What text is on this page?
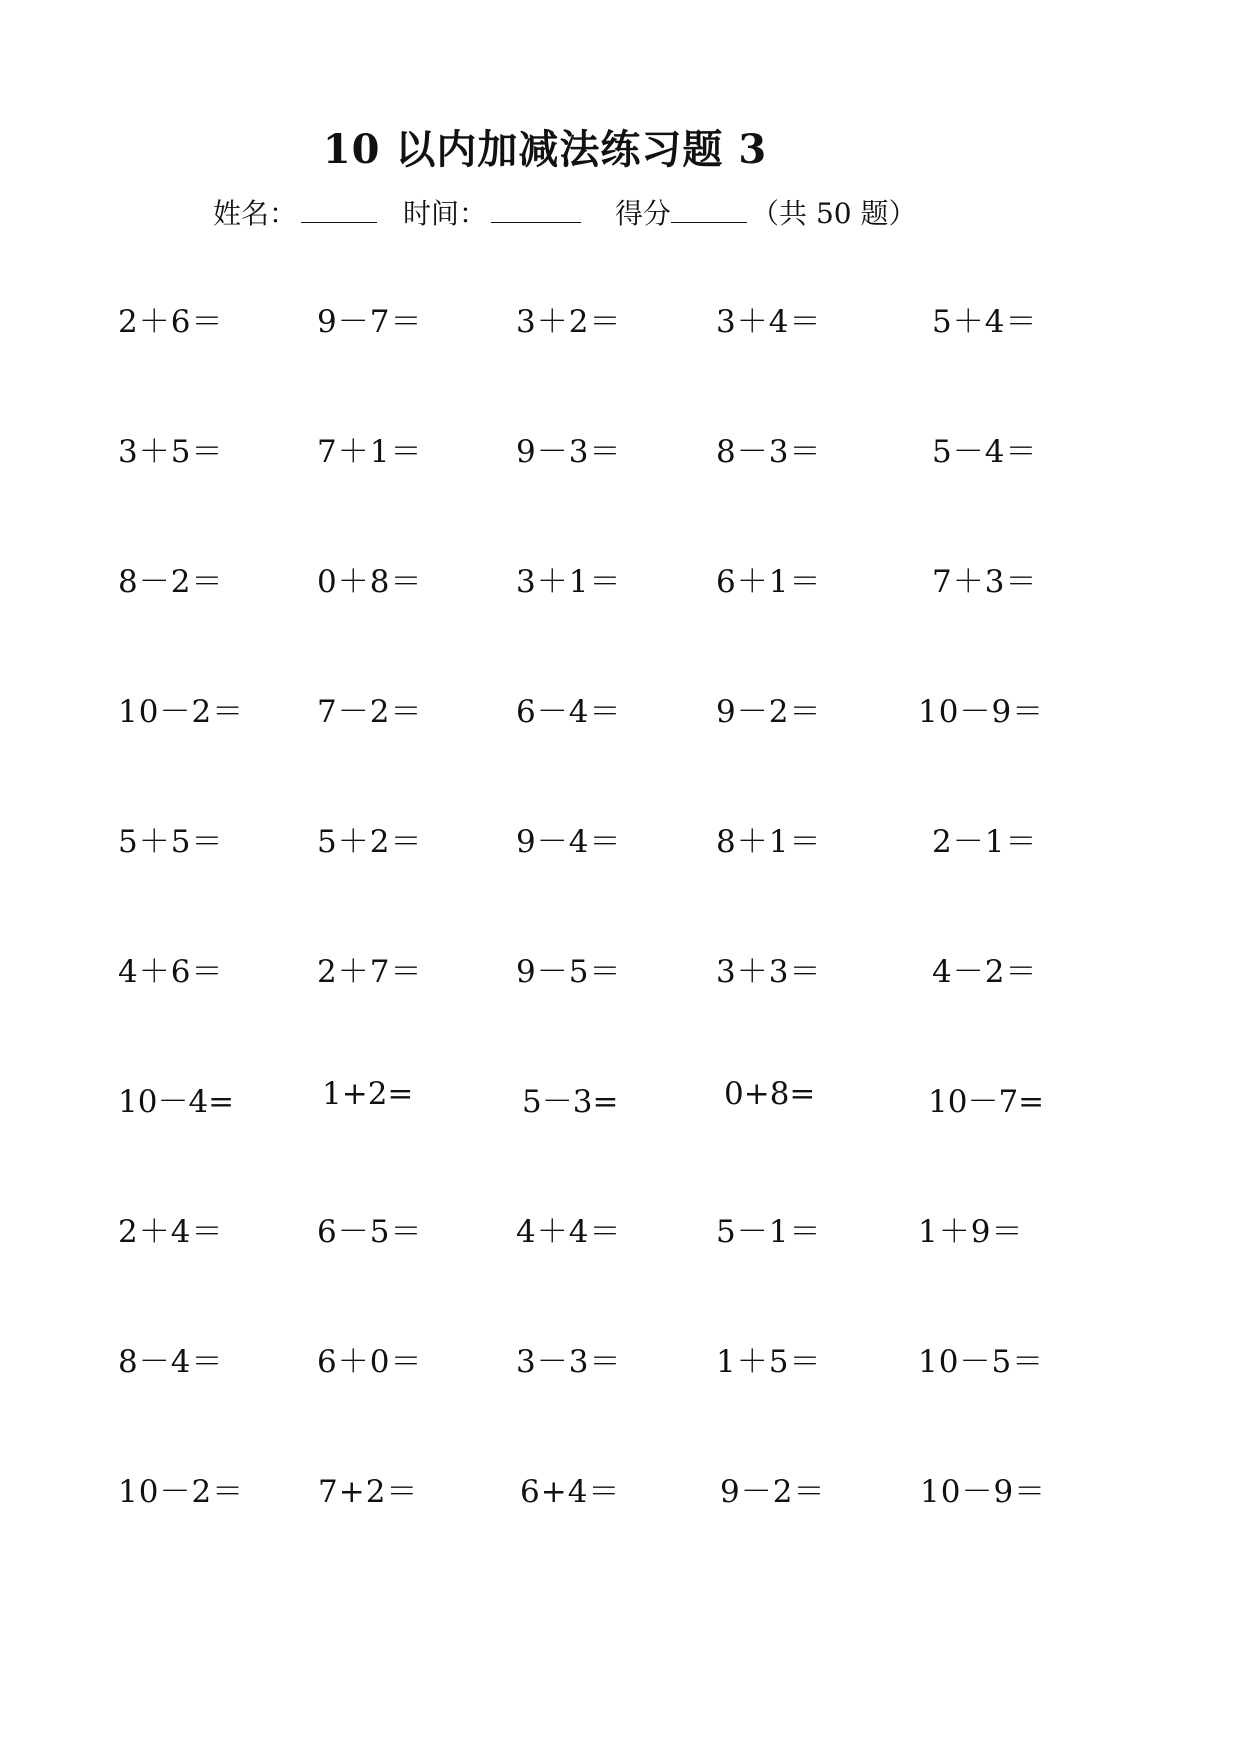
10 以内加减法练习题 3
姓名：	时间：	得分	（共 50 题）
2＋6＝	9－7＝	3＋2＝	3＋4＝	5＋4＝
3＋5＝	7＋1＝	9－3＝	8－3＝	5－4＝
8－2＝	0＋8＝	3＋1＝	6＋1＝	7＋3＝
10－2＝ 7－2＝	6－4＝	9－2＝	10－9＝
5＋5＝	5＋2＝	9－4＝	8＋1＝	2－1＝
4＋6＝	2＋7＝	9－5＝	3＋3＝	4－2＝
10－4=	1+2=	5－3=	0+8=	10－7=
2＋4＝	6－5＝	4＋4＝	5－1＝	1＋9＝
8－4＝	6＋0＝	3－3＝	1＋5＝	10－5＝
10－2＝ 7+2＝	6+4＝	9－2＝	10－9＝
